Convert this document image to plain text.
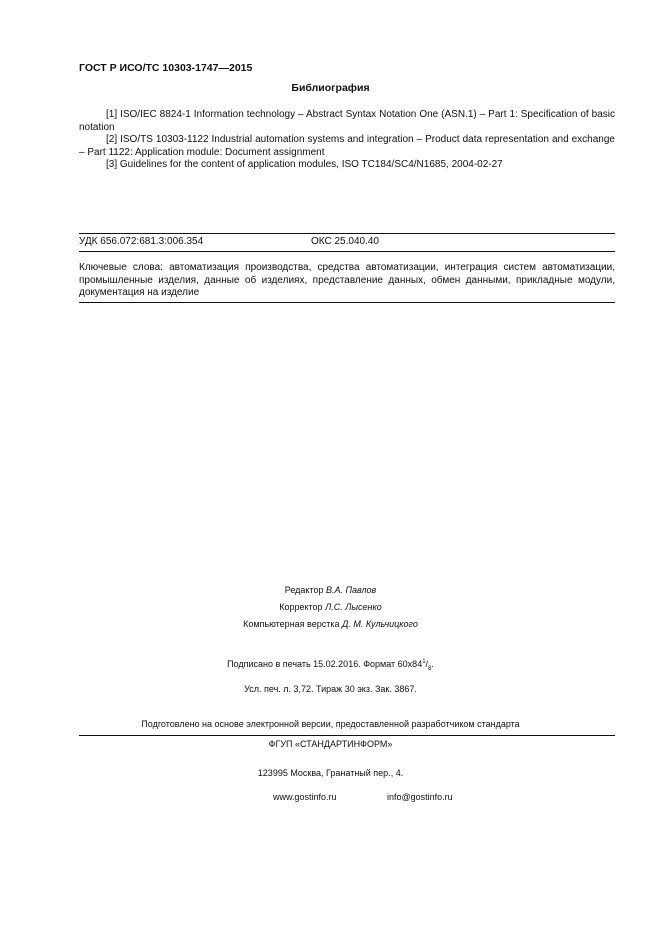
ГОСТ Р ИСО/ТС 10303-1747—2015
Библиография

[1] ISO/IEC 8824-1 Information technology – Abstract Syntax Notation One (ASN.1) – Part 1: Specification of basic notation

[2] ISO/TS 10303-1122 Industrial automation systems and integration – Product data representation and exchange – Part 1122: Application module: Document assignment

[3] Guidelines for the content of application modules, ISO TC184/SC4/N1685, 2004-02-27

УДК 656.072:681.3:006.354	ОКС 25.040.40
Ключевые слова: автоматизация производства, средства автоматизации, интеграция систем автоматизации, промышленные изделия, данные об изделиях, представление данных, обмен данными, прикладные модули, документация на изделие
Редактор В.А. Павлов
Корректор Л.С. Лысенко
Компьютерная верстка Д. М. Кульчицкого
Подписано в печать 15.02.2016. Формат $60x84^1/_8$.
Усл. печ. л. 3,72. Тираж 30 экз. Зак. 3867.
Подготовлено на основе электронной версии, предоставленной разработчиком стандарта
ФГУП «СТАНДАРТИНФОРМ»
123995 Москва, Гранатный пер., 4.
www.gostinfo.ru	info@gostinfo.ru
